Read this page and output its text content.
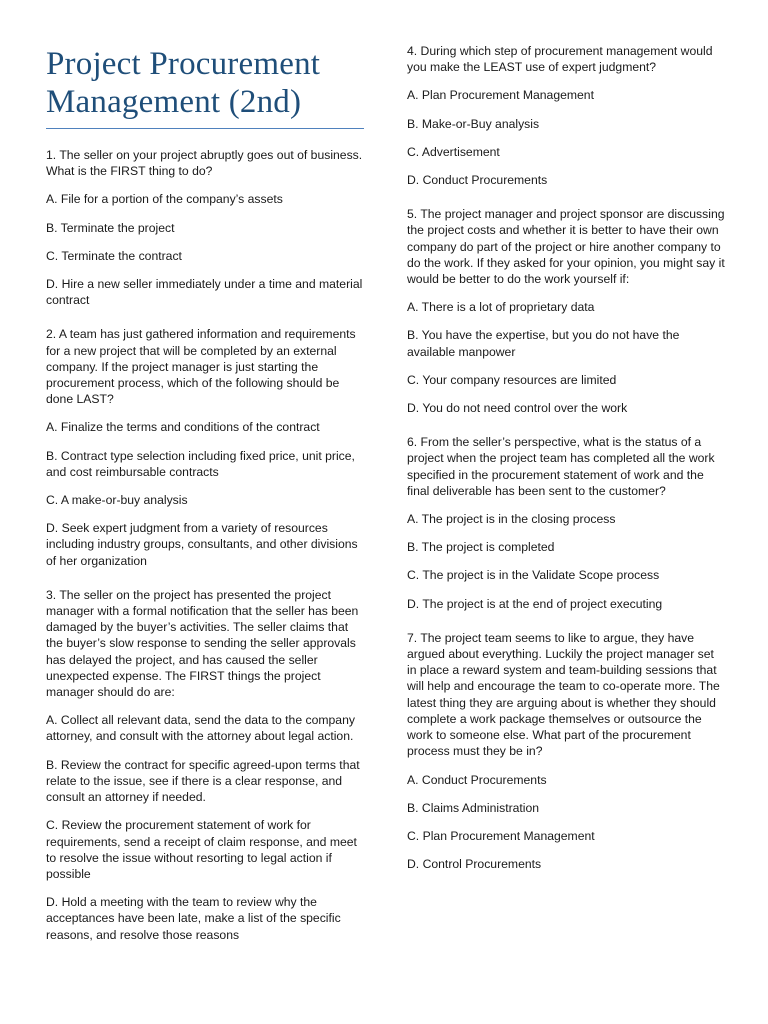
Project Procurement Management (2nd)

1. The seller on your project abruptly goes out of business. What is the FIRST thing to do?

A. File for a portion of the company’s assets

B. Terminate the project

C. Terminate the contract

D. Hire a new seller immediately under a time and material contract

2. A team has just gathered information and requirements for a new project that will be completed by an external company. If the project manager is just starting the procurement process, which of the following should be done LAST?

A. Finalize the terms and conditions of the contract

B. Contract type selection including fixed price, unit price, and cost reimbursable contracts

C. A make-or-buy analysis

D. Seek expert judgment from a variety of resources including industry groups, consultants, and other divisions of her organization

3. The seller on the project has presented the project manager with a formal notification that the seller has been damaged by the buyer’s activities. The seller claims that the buyer’s slow response to sending the seller approvals has delayed the project, and has caused the seller unexpected expense. The FIRST things the project manager should do are:

A. Collect all relevant data, send the data to the company attorney, and consult with the attorney about legal action.

B. Review the contract for specific agreed-upon terms that relate to the issue, see if there is a clear response, and consult an attorney if needed.

C. Review the procurement statement of work for requirements, send a receipt of claim response, and meet to resolve the issue without resorting to legal action if possible

D. Hold a meeting with the team to review why the acceptances have been late, make a list of the specific reasons, and resolve those reasons

4. During which step of procurement management would you make the LEAST use of expert judgment?

A. Plan Procurement Management

B. Make-or-Buy analysis

C. Advertisement

D. Conduct Procurements

5. The project manager and project sponsor are discussing the project costs and whether it is better to have their own company do part of the project or hire another company to do the work. If they asked for your opinion, you might say it would be better to do the work yourself if:

A. There is a lot of proprietary data

B. You have the expertise, but you do not have the available manpower

C. Your company resources are limited

D. You do not need control over the work

6. From the seller’s perspective, what is the status of a project when the project team has completed all the work specified in the procurement statement of work and the final deliverable has been sent to the customer?

A. The project is in the closing process

B. The project is completed

C. The project is in the Validate Scope process

D. The project is at the end of project executing

7. The project team seems to like to argue, they have argued about everything. Luckily the project manager set in place a reward system and team-building sessions that will help and encourage the team to co-operate more. The latest thing they are arguing about is whether they should complete a work package themselves or outsource the work to someone else. What part of the procurement process must they be in?

A. Conduct Procurements

B. Claims Administration

C. Plan Procurement Management

D. Control Procurements
